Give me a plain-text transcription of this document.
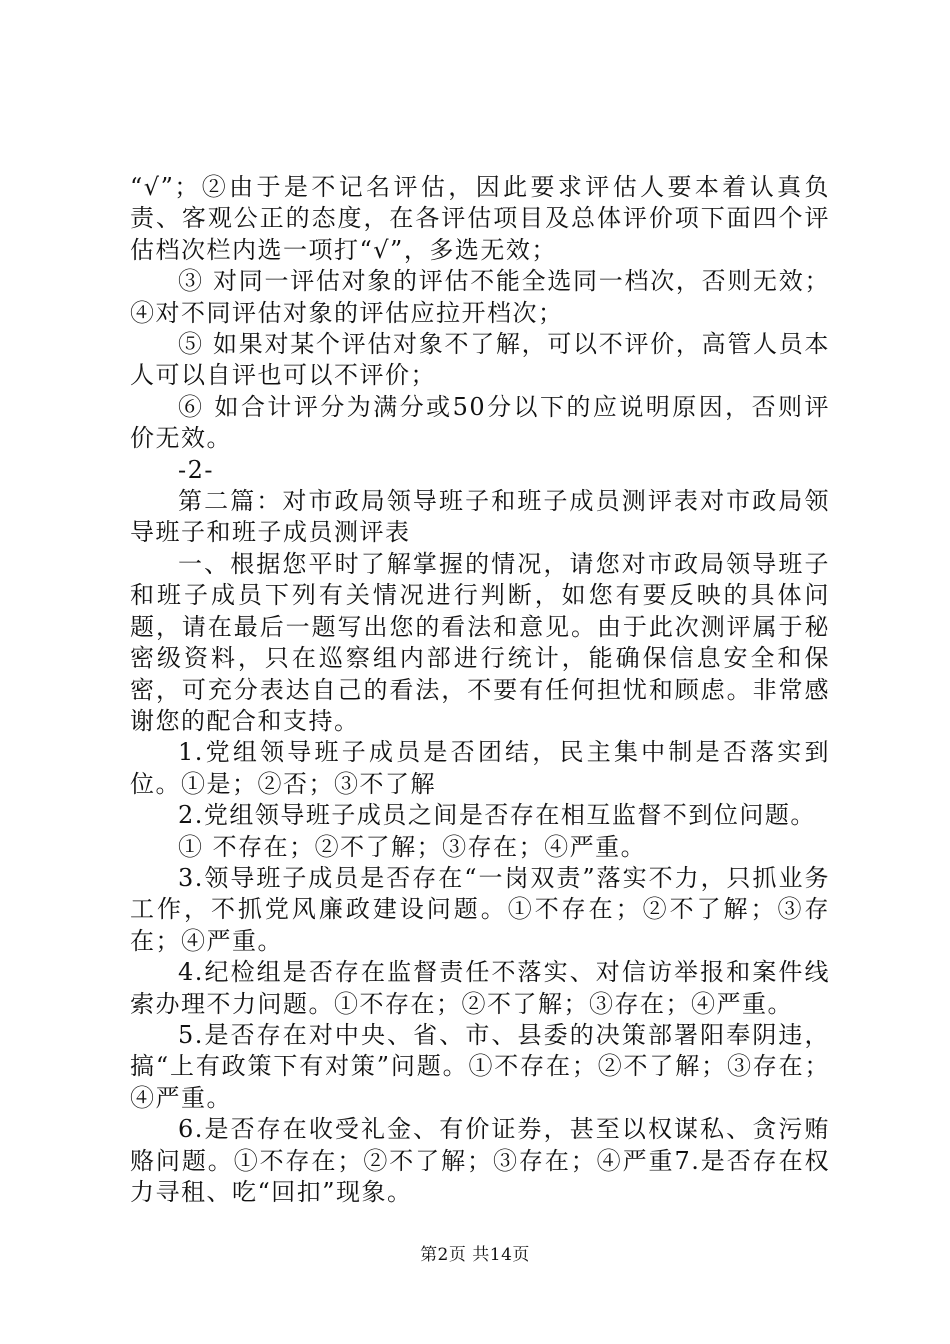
“√”；②由于是不记名评估，因此要求评估人要本着认真负责、客观公正的态度，在各评估项目及总体评价项下面四个评估档次栏内选一项打“√”，多选无效；

③ 对同一评估对象的评估不能全选同一档次，否则无效；④对不同评估对象的评估应拉开档次；

⑤ 如果对某个评估对象不了解，可以不评价，高管人员本人可以自评也可以不评价；

⑥ 如合计评分为满分或50分以下的应说明原因，否则评价无效。

-2-

第二篇：对市政局领导班子和班子成员测评表对市政局领导班子和班子成员测评表

一、根据您平时了解掌握的情况，请您对市政局领导班子和班子成员下列有关情况进行判断，如您有要反映的具体问题，请在最后一题写出您的看法和意见。由于此次测评属于秘密级资料，只在巡察组内部进行统计，能确保信息安全和保密，可充分表达自己的看法，不要有任何担忧和顾虑。非常感谢您的配合和支持。

1.党组领导班子成员是否团结，民主集中制是否落实到位。①是；②否；③不了解

2.党组领导班子成员之间是否存在相互监督不到位问题。

① 不存在；②不了解；③存在；④严重。

3.领导班子成员是否存在“一岗双责”落实不力，只抓业务工作，不抓党风廉政建设问题。①不存在；②不了解；③存在；④严重。

4.纪检组是否存在监督责任不落实、对信访举报和案件线索办理不力问题。①不存在；②不了解；③存在；④严重。

5.是否存在对中央、省、市、县委的决策部署阳奉阴违，搞“上有政策下有对策”问题。①不存在；②不了解；③存在；④严重。

6.是否存在收受礼金、有价证券，甚至以权谋私、贪污贿赂问题。①不存在；②不了解；③存在；④严重7.是否存在权力寻租、吃“回扣”现象。

第2页 共14页
